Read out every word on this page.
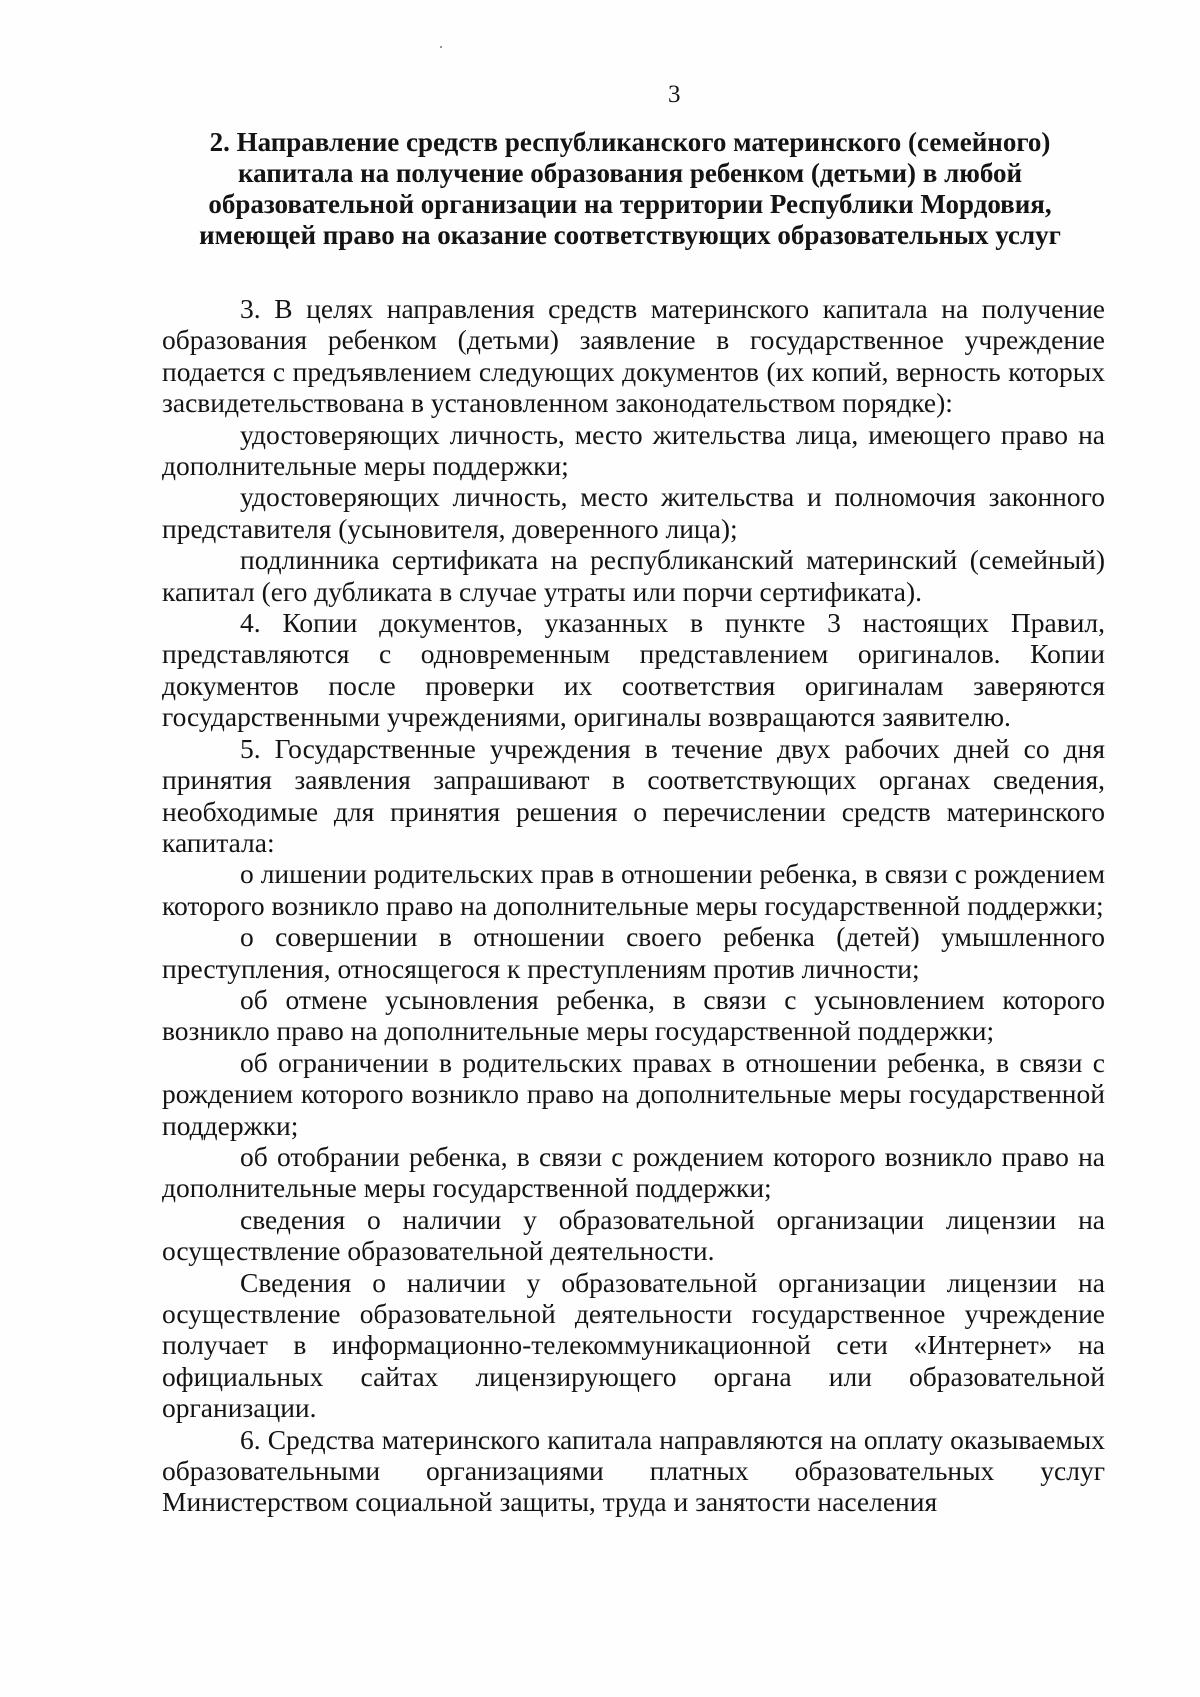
3
2. Направление средств республиканского материнского (семейного) капитала на получение образования ребенком (детьми) в любой образовательной организации на территории Республики Мордовия, имеющей право на оказание соответствующих образовательных услуг

3. В целях направления средств материнского капитала на получение образования ребенком (детьми) заявление в государственное учреждение подается с предъявлением следующих документов (их копий, верность которых засвидетельствована в установленном законодательством порядке):

удостоверяющих личность, место жительства лица, имеющего право на дополнительные меры поддержки;

удостоверяющих личность, место жительства и полномочия законного представителя (усыновителя, доверенного лица);

подлинника сертификата на республиканский материнский (семейный) капитал (его дубликата в случае утраты или порчи сертификата).

4. Копии документов, указанных в пункте 3 настоящих Правил, представляются с одновременным представлением оригиналов. Копии документов после проверки их соответствия оригиналам заверяются государственными учреждениями, оригиналы возвращаются заявителю.

5. Государственные учреждения в течение двух рабочих дней со дня принятия заявления запрашивают в соответствующих органах сведения, необходимые для принятия решения о перечислении средств материнского капитала:

о лишении родительских прав в отношении ребенка, в связи с рождением которого возникло право на дополнительные меры государственной поддержки;

о совершении в отношении своего ребенка (детей) умышленного преступления, относящегося к преступлениям против личности;

об отмене усыновления ребенка, в связи с усыновлением которого возникло право на дополнительные меры государственной поддержки;

об ограничении в родительских правах в отношении ребенка, в связи с рождением которого возникло право на дополнительные меры государственной поддержки;

об отобрании ребенка, в связи с рождением которого возникло право на дополнительные меры государственной поддержки;

сведения о наличии у образовательной организации лицензии на осуществление образовательной деятельности.

Сведения о наличии у образовательной организации лицензии на осуществление образовательной деятельности государственное учреждение получает в информационно-телекоммуникационной сети «Интернет» на официальных сайтах лицензирующего органа или образовательной организации.

6. Средства материнского капитала направляются на оплату оказываемых образовательными организациями платных образовательных услуг Министерством социальной защиты, труда и занятости населения
